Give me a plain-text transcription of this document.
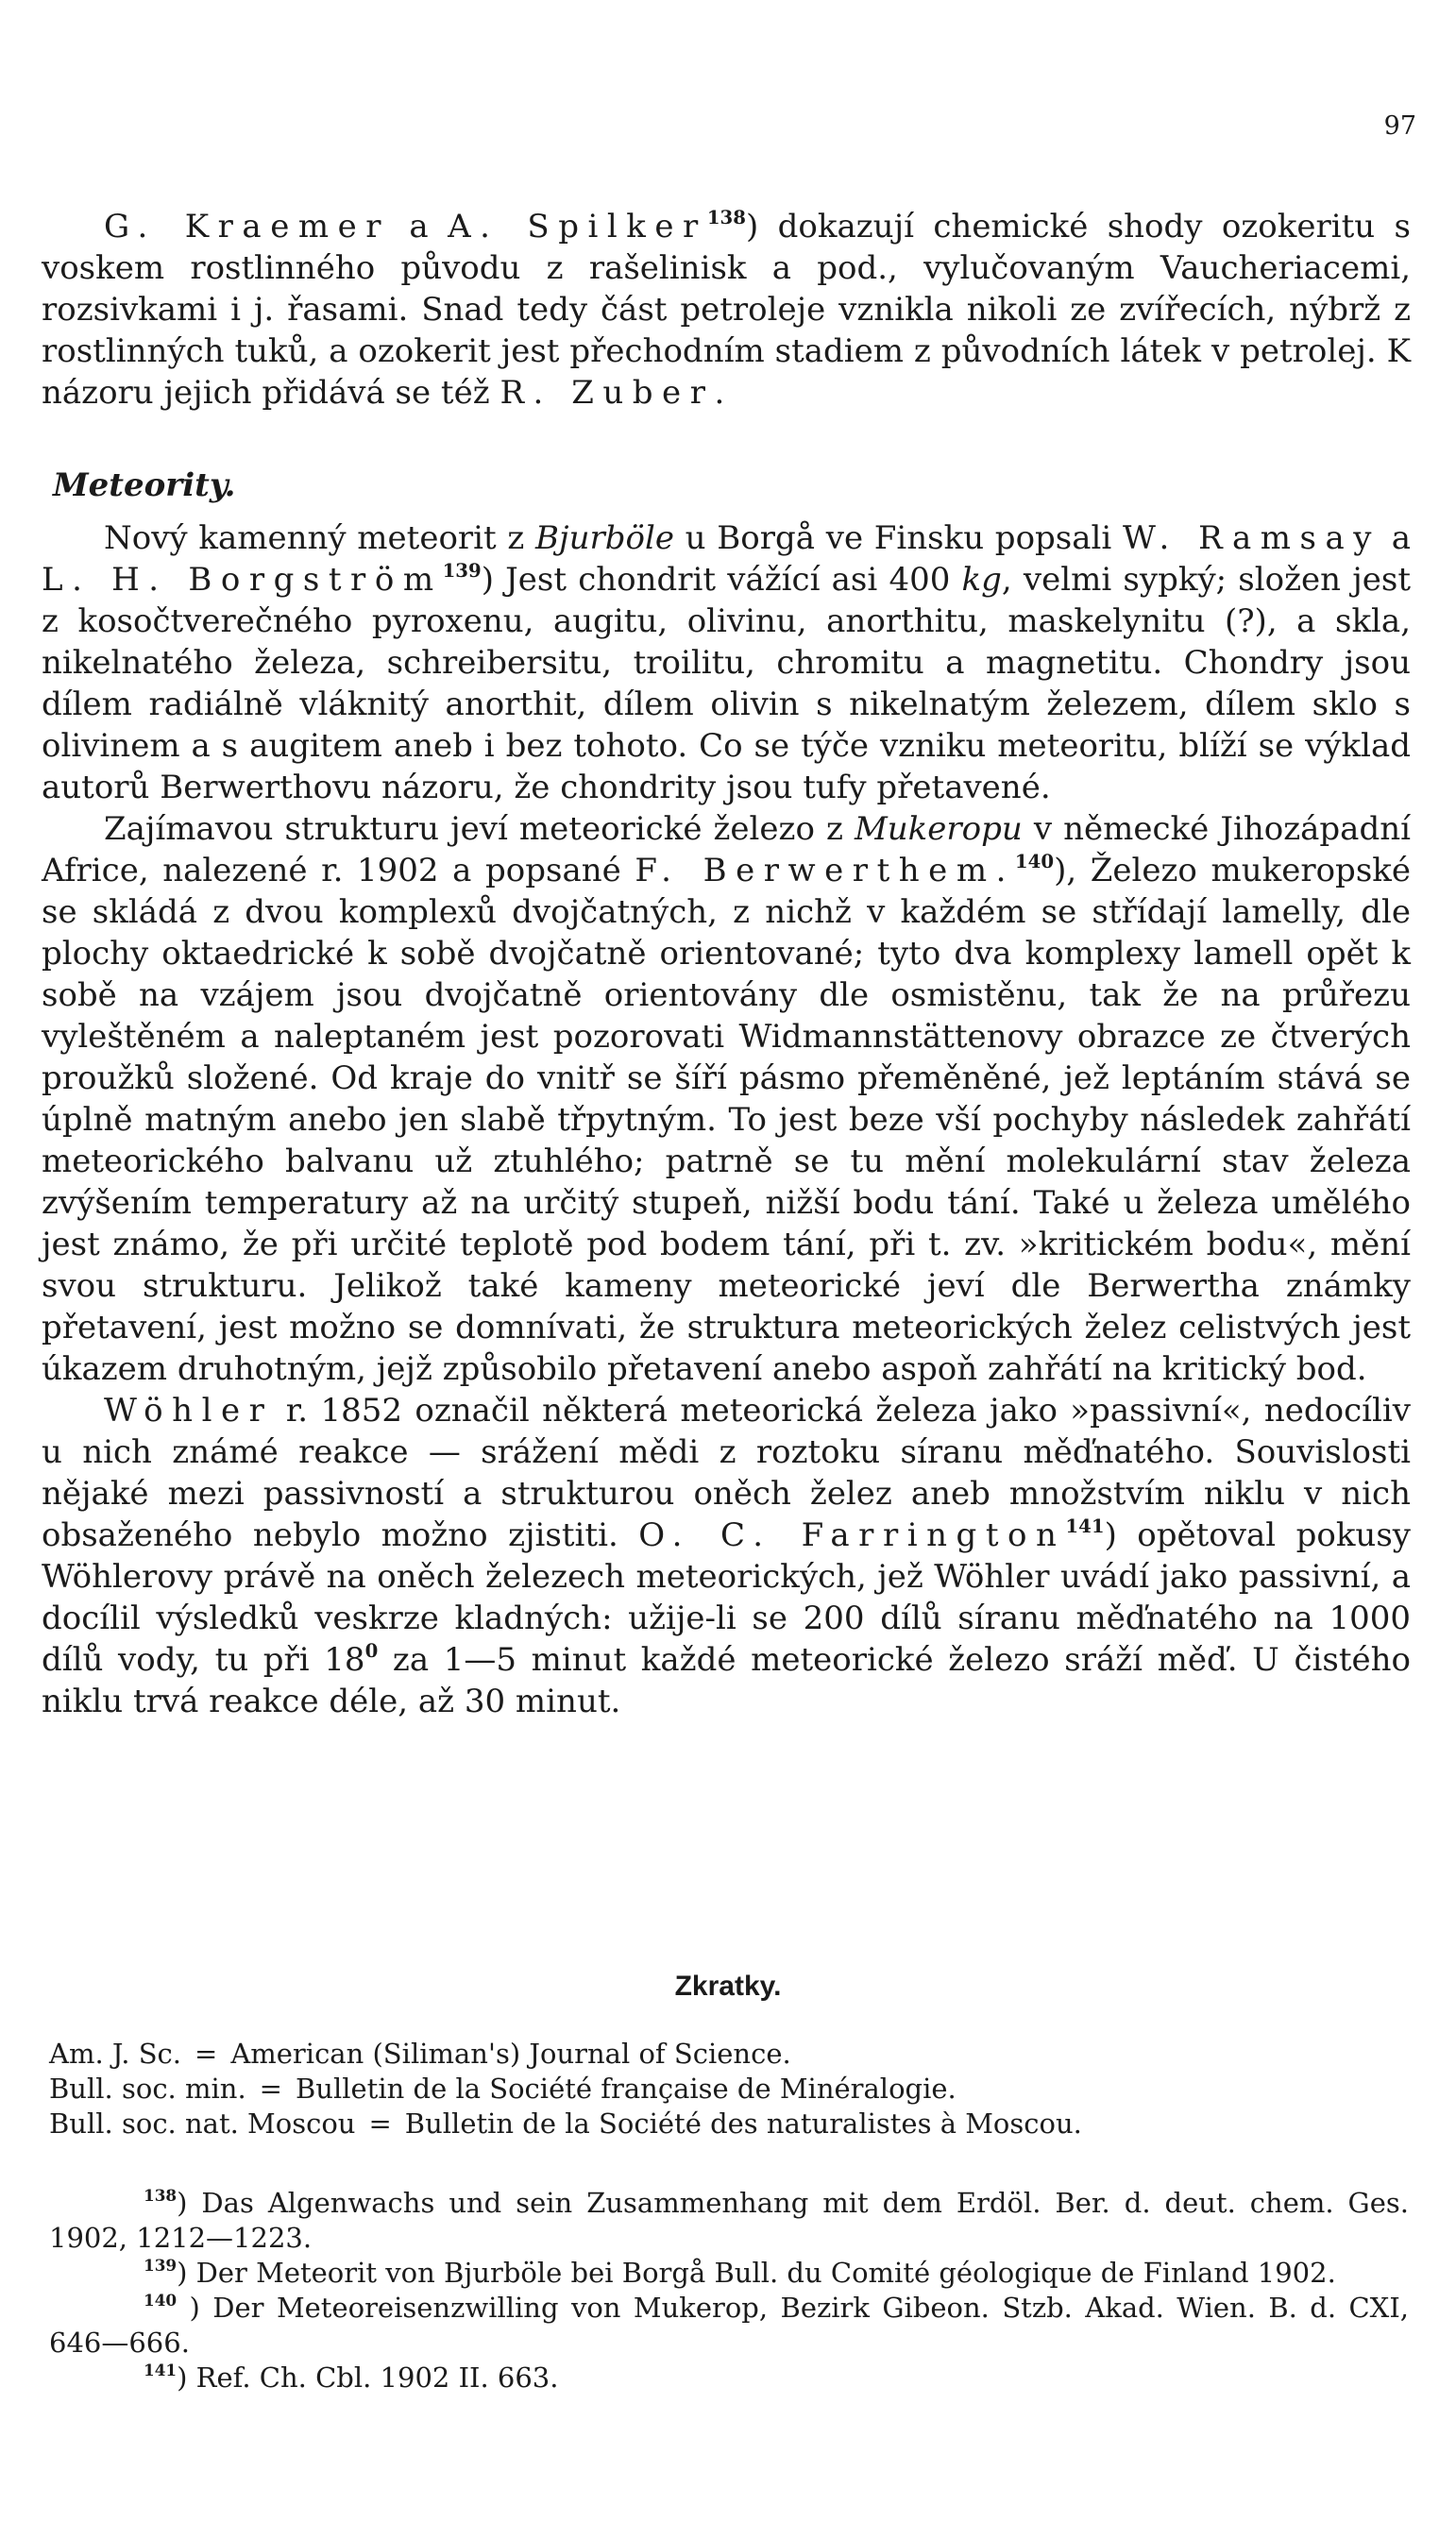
97

G. Kraemer a A. Spilker$^{138}$) dokazují chemické shody ozokeritu s voskem rostlinného původu z rašelinisk a pod., vylučovaným Vaucheriacemi, rozsivkami i j. řasami. Snad tedy část petroleje vznikla nikoli ze zvířecích, nýbrž z rostlinných tuků, a ozokerit jest přechodním stadiem z původních látek v petrolej. K názoru jejich přidává se též R. Zuber.

Meteority.

Nový kamenný meteorit z Bjurböle u Borgå ve Finsku popsali W. Ramsay a L. H. Borgström$^{139}$) Jest chondrit vážící asi 400 kg, velmi sypký; složen jest z kosočtverečného pyroxenu, augitu, olivinu, anorthitu, maskelynitu (?), a skla, nikelnatého železa, schreibersitu, troilitu, chromitu a magnetitu. Chondry jsou dílem radiálně vláknitý anorthit, dílem olivin s nikelnatým železem, dílem sklo s olivinem a s augitem aneb i bez tohoto. Co se týče vzniku meteoritu, blíží se výklad autorů Berwerthovu názoru, že chondrity jsou tufy přetavené.

Zajímavou strukturu jeví meteorické železo z Mukeropu v německé Jihozápadní Africe, nalezené r. 1902 a popsané F. Berwerthem.$^{140}$), Železo mukeropské se skládá z dvou komplexů dvojčatných, z nichž v každém se střídají lamelly, dle plochy oktaedrické k sobě dvojčatně orientované; tyto dva komplexy lamell opět k sobě na vzájem jsou dvojčatně orientovány dle osmistěnu, tak že na průřezu vyleštěném a naleptaném jest pozorovati Widmannstättenovy obrazce ze čtverých proužků složené. Od kraje do vnitř se šíří pásmo přeměněné, jež leptáním stává se úplně matným anebo jen slabě třpytným. To jest beze vší pochyby následek zahřátí meteorického balvanu už ztuhlého; patrně se tu mění molekulární stav železa zvýšením temperatury až na určitý stupeň, nižší bodu tání. Také u železa umělého jest známo, že při určité teplotě pod bodem tání, při t. zv. »kritickém bodu«, mění svou strukturu. Jelikož také kameny meteorické jeví dle Berwertha známky přetavení, jest možno se domnívati, že struktura meteorických želez celistvých jest úkazem druhotným, jejž způsobilo přetavení anebo aspoň zahřátí na kritický bod.

Wöhler r. 1852 označil některá meteorická železa jako »passivní«, nedocíliv u nich známé reakce — srážení mědi z roztoku síranu měďnatého. Souvislosti nějaké mezi passivností a strukturou oněch želez aneb množstvím niklu v nich obsaženého nebylo možno zjistiti. O. C. Farrington$^{141}$) opětoval pokusy Wöhlerovy právě na oněch železech meteorických, jež Wöhler uvádí jako passivní, a docílil výsledků veskrze kladných: užije-li se 200 dílů síranu měďnatého na 1000 dílů vody, tu při 18$^0$ za 1—5 minut každé meteorické železo sráží měď. U čistého niklu trvá reakce déle, až 30 minut.

Zkratky.
Am. J. Sc. = American (Siliman's) Journal of Science.
Bull. soc. min. = Bulletin de la Société française de Minéralogie.
Bull. soc. nat. Moscou = Bulletin de la Société des naturalistes à Moscou.

$^{138}$) Das Algenwachs und sein Zusammenhang mit dem Erdöl. Ber. d. deut. chem. Ges. 1902, 1212—1223.

$^{139}$) Der Meteorit von Bjurböle bei Borgå Bull. du Comité géologique de Finland 1902.

$^{140}$ ) Der Meteoreisenzwilling von Mukerop, Bezirk Gibeon. Stzb. Akad. Wien. B. d. CXI, 646—666.

$^{141}$) Ref. Ch. Cbl. 1902 II. 663.
